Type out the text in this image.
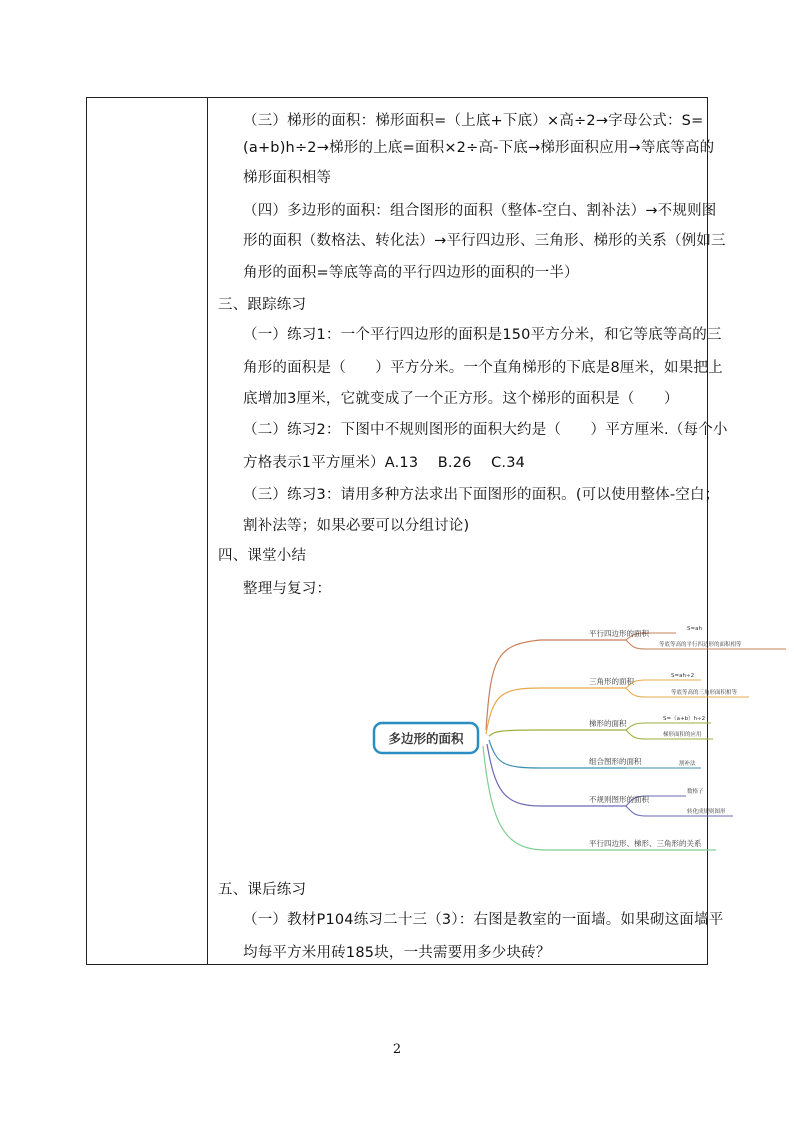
（三）梯形的面积：梯形面积=（上底+下底）×高÷2→字母公式：S=
(a+b)h÷2→梯形的上底=面积×2÷高-下底→梯形面积应用→等底等高的
梯形面积相等
（四）多边形的面积：组合图形的面积（整体-空白、割补法）→不规则图
形的面积（数格法、转化法）→平行四边形、三角形、梯形的关系（例如三
角形的面积=等底等高的平行四边形的面积的一半）
三、跟踪练习
（一）练习1：一个平行四边形的面积是150平方分米，和它等底等高的三
角形的面积是（　　）平方分米。一个直角梯形的下底是8厘米，如果把上
底增加3厘米，它就变成了一个正方形。这个梯形的面积是（　　）
（二）练习2：下图中不规则图形的面积大约是（　　）平方厘米.（每个小
方格表示1平方厘米）A.13　 B.26　 C.34
（三）练习3：请用多种方法求出下面图形的面积。(可以使用整体-空白；
割补法等；如果必要可以分组讨论)
四、课堂小结
整理与复习：
平行四边形的面积
三角形的面积
梯形的面积
组合图形的面积
不规则图形的面积
平行四边形、梯形、三角形的关系
S=ah
等底等高的平行四边形的面积相等
S=ah÷2
等底等高的三角形面积相等
S=（a+b）h÷2
梯形面积的应用
割补法
数格子
转化成规则图形
多边形的面积
五、课后练习
（一）教材P104练习二十三（3）：右图是教室的一面墙。如果砌这面墙平
均每平方米用砖185块，一共需要用多少块砖？
2
